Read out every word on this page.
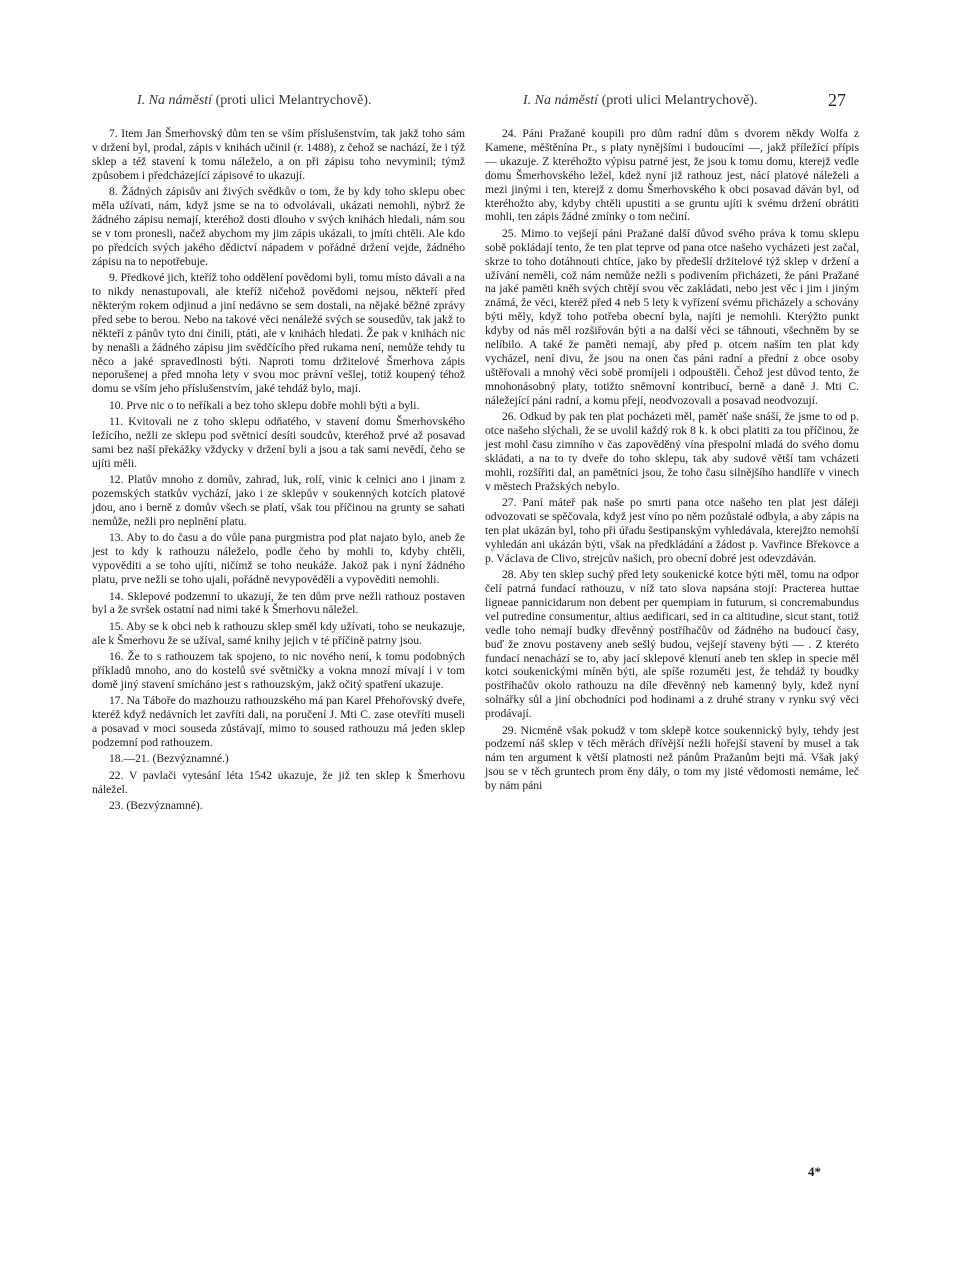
I. Na náměstí (proti ulici Melantrychově).	I. Na náměstí (proti ulici Melantrychově).	27

7. Item Jan Šmerhovský dům ten se vším příslušenstvím, tak jakž toho sám v držení byl, prodal, zápis v knihách učinil (r. 1488), z čehož se nachází, že i týž sklep a též stavení k tomu náleželo, a on při zápisu toho nevyminil; týmž způsobem i předcházející zápisové to ukazují.

8. Žádných zápisův ani živých svědkův o tom, že by kdy toho sklepu obec měla užívati, nám, když jsme se na to odvolávali, ukázati nemohli, nýbrž že žádného zápisu nemají, kteréhož dosti dlouho v svých knihách hledali, nám sou se v tom pronesli, načež abychom my jim zápis ukázali, to jmíti chtěli. Ale kdo po předcích svých jakého dědictví nápadem v pořádné držení vejde, žádného zápisu na to nepotřebuje.

9. Předkové jich, kteříž toho oddělení povědomi byli, tomu místo dávali a na to nikdy nenastupovali, ale kteříž ničehož povědomi nejsou, někteří před některým rokem odjinud a jiní nedávno se sem dostali, na nějaké běžné zprávy před sebe to berou. Nebo na takové věci nenáležé svých se sousedův, tak jakž to někteří z pánův tyto dni činili, ptáti, ale v knihách hledati. Že pak v knihách nic by nenašli a žádného zápisu jim svědčícího před rukama není, nemůže tehdy tu něco a jaké spravedlnosti býti. Naproti tomu držitelové Šmerhova zápis neporušenej a před mnoha lety v svou moc právní vešlej, totiž koupený téhož domu se vším jeho příslušenstvím, jaké tehdáž bylo, mají.

10. Prve nic o to neříkali a bez toho sklepu dobře mohli býti a byli.

11. Kvitovali ne z toho sklepu odňatého, v stavení domu Šmerhovského ležícího, nežli ze sklepu pod světnicí desíti soudcův, kteréhož prvé až posavad sami bez naší překážky vždycky v držení byli a jsou a tak sami nevědí, čeho se ujíti měli.

12. Platův mnoho z domův, zahrad, luk, rolí, vinic k celnici ano i jinam z pozemských statkův vychází, jako i ze sklepův v soukenných kotcích platové jdou, ano i berně z domův všech se platí, však tou příčinou na grunty se sahati nemůže, nežli pro neplnění platu.

13. Aby to do času a do vůle pana purgmistra pod plat najato bylo, aneb že jest to kdy k rathouzu náleželo, podle čeho by mohli to, kdyby chtěli, vypověditi a se toho ujíti, ničímž se toho neukáže. Jakož pak i nyní žádného platu, prve nežli se toho ujali, pořádně nevypověděli a vypověditi nemohli.

14. Sklepové podzemní to ukazují, že ten dům prve nežli rathouz postaven byl a že svršek ostatní nad nimi také k Šmerhovu náležel.

15. Aby se k obci neb k rathouzu sklep směl kdy užívati, toho se neukazuje, ale k Šmerhovu že se užíval, samé knihy jejich v té příčině patrny jsou.

16. Že to s rathouzem tak spojeno, to nic nového není, k tomu podobných příkladů mnoho, ano do kostelů své světničky a vokna mnozí mívají i v tom domě jiný stavení smícháno jest s rathouzským, jakž očitý spatření ukazuje.

17. Na Táboře do mazhouzu rathouzského má pan Karel Přehořovský dveře, kteréž když nedávních let zavříti dali, na poručení J. Mti C. zase otevříti museli a posavad v moci souseda zůstávají, mimo to soused rathouzu má jeden sklep podzemní pod rathouzem.

18.—21. (Bezvýznamné.)

22. V pavlači vytesání léta 1542 ukazuje, že již ten sklep k Šmerhovu náležel.

23. (Bezvýznamné).

24. Páni Pražané koupili pro dům radní dům s dvorem někdy Wolfa z Kamene, měštěnína Pr., s platy nynějšími i budoucími —, jakž příležící přípis — ukazuje. Z kteréhožto výpisu patrné jest, že jsou k tomu domu, kterejž vedle domu Šmerhovského ležel, kdež nyní již rathouz jest, nácí platové náleželi a mezi jinými i ten, kterejž z domu Šmerhovského k obci posavad dáván byl, od kteréhožto aby, kdyby chtěli upustiti a se gruntu ujíti k svému držení obrátiti mohli, ten zápis žádné zmínky o tom nečiní.

25. Mimo to vejšejí páni Pražané další důvod svého práva k tomu sklepu sobě pokládají tento, že ten plat teprve od pana otce našeho vycházeti jest začal, skrze to toho dotáhnouti chtíce, jako by předešlí držitelové týž sklep v držení a užívání neměli, což nám nemůže nežli s podivením přicházeti, že páni Pražané na jaké paměti kněh svých chtějí svou věc zakládati, nebo jest věc i jim i jiným známá, že věci, kteréž před 4 neb 5 lety k vyřízení svému přicházely a schovány býti měly, když toho potřeba obecní byla, najíti je nemohli. Kterýžto punkt kdyby od nás měl rozšiřován býti a na další věci se táhnouti, všechněm by se nelíbilo. A také že paměti nemají, aby před p. otcem naším ten plat kdy vycházel, není divu, že jsou na onen čas páni radní a přední z obce osoby uštěřovali a mnohý věci sobě promíjeli i odpouštěli. Čehož jest důvod tento, že mnohonásobný platy, totižto sněmovní kontribucí, berně a daně J. Mti C. náležející páni radní, a komu přejí, neodvozovali a posavad neodvozují.

26. Odkud by pak ten plat pocházeti měl, paměť naše snáší, že jsme to od p. otce našeho slýchali, že se uvolil každý rok 8 k. k obci platiti za tou příčinou, že jest mohl času zimního v čas zapověděný vína přespolní mladá do svého domu skládati, a na to ty dveře do toho sklepu, tak aby sudové větší tam vcházeti mohli, rozšířiti dal, an pamětníci jsou, že toho času silnějšího handlíře v vinech v městech Pražských nebylo.

27. Paní máteř pak naše po smrti pana otce našeho ten plat jest dáleji odvozovati se spěčovala, když jest víno po něm pozůstalé odbyla, a aby zápis na ten plat ukázán byl, toho při úřadu šestipanským vyhledávala, kterejžto nemohší vyhledán ani ukázán býti, však na předkládání a žádost p. Vavřince Břekovce a p. Václava de Clivo, strejcův našich, pro obecní dobré jest odevzdáván.

28. Aby ten sklep suchý před lety soukenické kotce býti měl, tomu na odpor čelí patrná fundací rathouzu, v níž tato slova napsána stojí: Practerea huttae ligneae pannicidarum non debent per quempiam in futurum, si concremabundus vel putredine consumentur, altius aedificari, sed in ca altitudine, sicut stant, totiž vedle toho nemají budky dřevěnný postříhačův od žádného na budoucí časy, buď že znovu postaveny aneb sešlý budou, vejšejí staveny býti — . Z kteréto fundací nenachází se to, aby jací sklepové klenutí aneb ten sklep in specie měl kotci soukenickými míněn býti, ale spíše rozuměti jest, že tehdáž ty boudky postříhačův okolo rathouzu na díle dřevěnný neb kamenný byly, kdež nyní solnářky sůl a jiní obchodníci pod hodinami a z druhé strany v rynku svý věci prodávají.

29. Nicméně však pokudž v tom sklepě kotce soukennický byly, tehdy jest podzemí náš sklep v těch měrách dřívější nežli hořejší stavení by musel a tak nám ten argument k větší platnosti než pánům Pražanům bejti má. Však jaký jsou se v těch gruntech prom ěny dály, o tom my jisté vědomosti nemáme, leč by nám páni

4*
